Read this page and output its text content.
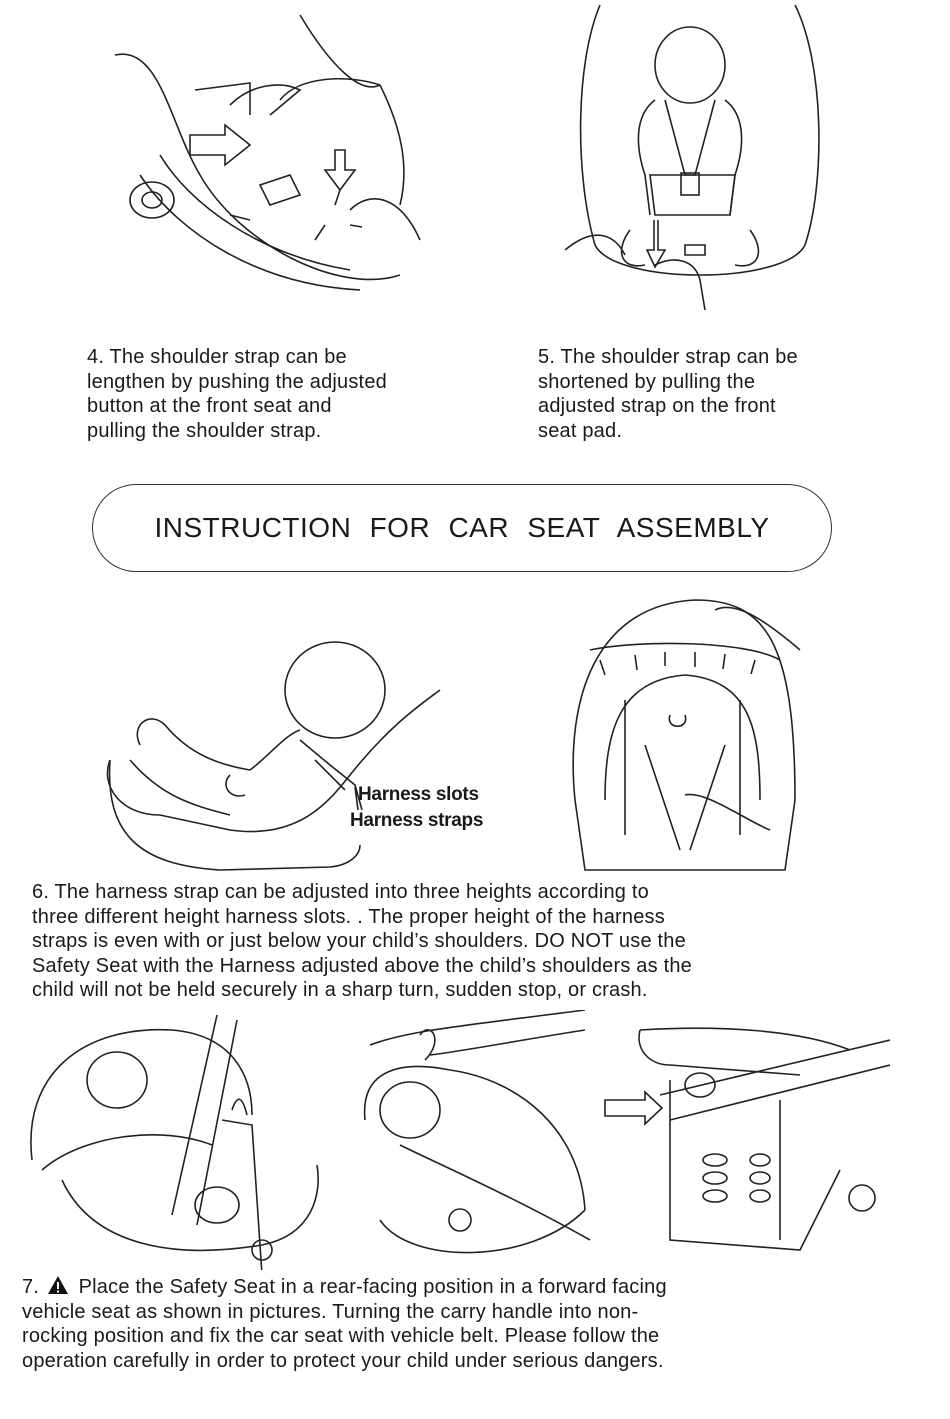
4. The shoulder strap can be
lengthen by pushing the adjusted
button at the front seat and
pulling the shoulder strap.
5. The shoulder strap can be
shortened by pulling the
adjusted strap on the front
seat pad.
INSTRUCTION FOR CAR SEAT ASSEMBLY
Harness slots
Harness straps
6. The harness strap can be adjusted into three heights according to
three different height harness slots. . The proper height of the harness
straps is even with or just below your child’s shoulders. DO NOT use the
Safety Seat with the Harness adjusted above the child’s shoulders as the
child will not be held securely in a sharp turn, sudden stop, or crash.
7. Place the Safety Seat in a rear-facing position in a forward facing
vehicle seat as shown in pictures. Turning the carry handle into non-
rocking position and fix the car seat with vehicle belt. Please follow the
operation carefully in order to protect your child under serious dangers.
